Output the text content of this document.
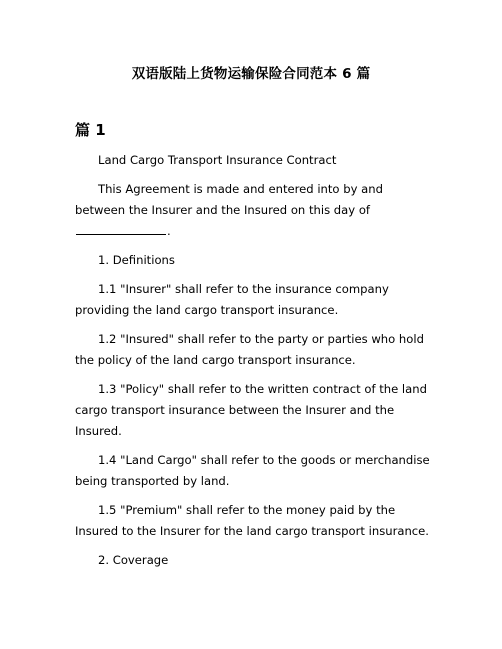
双语版陆上货物运输保险合同范本 6 篇
篇 1

Land Cargo Transport Insurance Contract

This Agreement is made and entered into by and between the Insurer and the Insured on this day of .

1. Definitions

1.1 "Insurer" shall refer to the insurance company providing the land cargo transport insurance.

1.2 "Insured" shall refer to the party or parties who hold the policy of the land cargo transport insurance.

1.3 "Policy" shall refer to the written contract of the land cargo transport insurance between the Insurer and the Insured.

1.4 "Land Cargo" shall refer to the goods or merchandise being transported by land.

1.5 "Premium" shall refer to the money paid by the Insured to the Insurer for the land cargo transport insurance.

2. Coverage
